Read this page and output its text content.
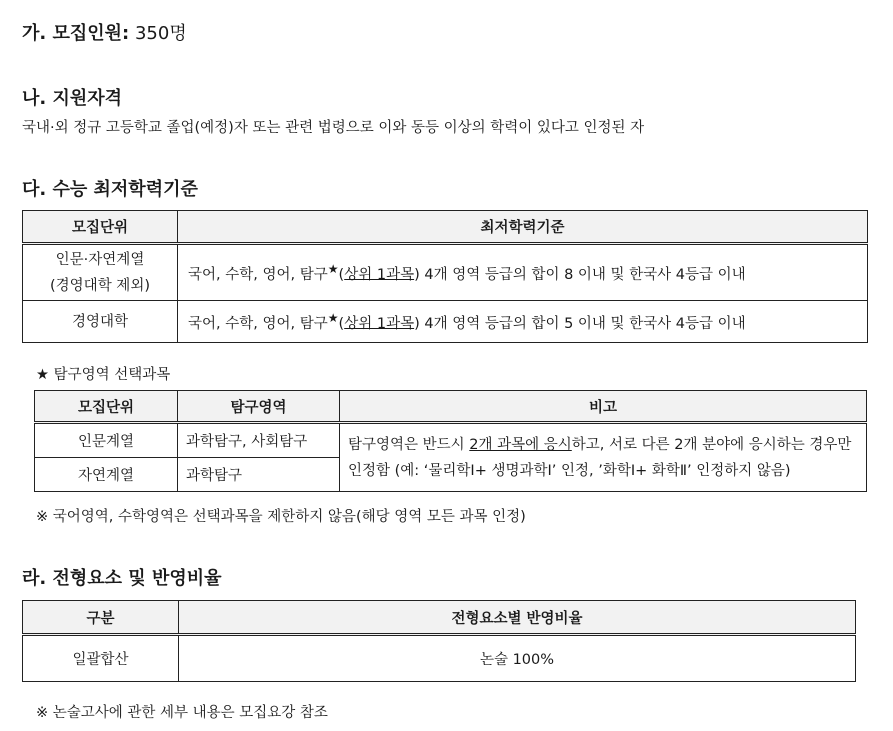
가. 모집인원: 350명
나. 지원자격
국내·외 정규 고등학교 졸업(예정)자 또는 관련 법령으로 이와 동등 이상의 학력이 있다고 인정된 자
다. 수능 최저학력기준
모집단위	최저학력기준

인문·자연계열
(경영대학 제외)	국어, 수학, 영어, 탐구★(상위 1과목) 4개 영역 등급의 합이 8 이내 및 한국사 4등급 이내
경영대학	국어, 수학, 영어, 탐구★(상위 1과목) 4개 영역 등급의 합이 5 이내 및 한국사 4등급 이내
★ 탐구영역 선택과목
모집단위	탐구영역	비고
인문계열	과학탐구, 사회탐구	탐구영역은 반드시 2개 과목에 응시하고, 서로 다른 2개 분야에 응시하는 경우만
인정함 (예: ‘물리학Ⅰ+ 생명과학Ⅰ’ 인정, ’화학Ⅰ+ 화학Ⅱ’ 인정하지 않음)

자연계열	과학탐구	
※ 국어영역, 수학영역은 선택과목을 제한하지 않음(해당 영역 모든 과목 인정)
라. 전형요소 및 반영비율
구분	전형요소별 반영비율
일괄합산	논술 100%
※ 논술고사에 관한 세부 내용은 모집요강 참조
